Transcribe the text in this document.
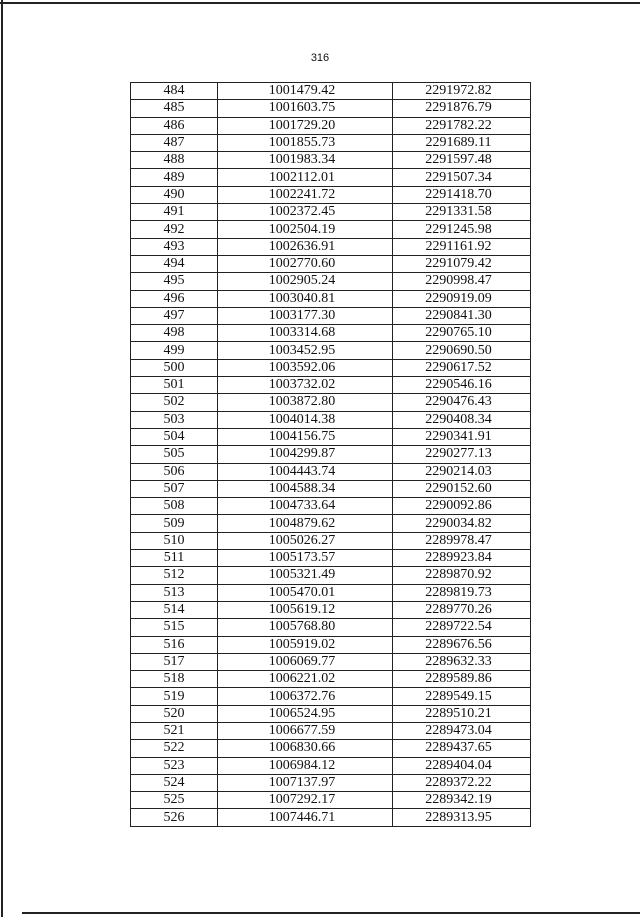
316
484	1001479.42	2291972.82
485	1001603.75	2291876.79
486	1001729.20	2291782.22
487	1001855.73	2291689.11
488	1001983.34	2291597.48
489	1002112.01	2291507.34
490	1002241.72	2291418.70
491	1002372.45	2291331.58
492	1002504.19	2291245.98
493	1002636.91	2291161.92
494	1002770.60	2291079.42
495	1002905.24	2290998.47
496	1003040.81	2290919.09
497	1003177.30	2290841.30
498	1003314.68	2290765.10
499	1003452.95	2290690.50
500	1003592.06	2290617.52
501	1003732.02	2290546.16
502	1003872.80	2290476.43
503	1004014.38	2290408.34
504	1004156.75	2290341.91
505	1004299.87	2290277.13
506	1004443.74	2290214.03
507	1004588.34	2290152.60
508	1004733.64	2290092.86
509	1004879.62	2290034.82
510	1005026.27	2289978.47
511	1005173.57	2289923.84
512	1005321.49	2289870.92
513	1005470.01	2289819.73
514	1005619.12	2289770.26
515	1005768.80	2289722.54
516	1005919.02	2289676.56
517	1006069.77	2289632.33
518	1006221.02	2289589.86
519	1006372.76	2289549.15
520	1006524.95	2289510.21
521	1006677.59	2289473.04
522	1006830.66	2289437.65
523	1006984.12	2289404.04
524	1007137.97	2289372.22
525	1007292.17	2289342.19
526	1007446.71	2289313.95
